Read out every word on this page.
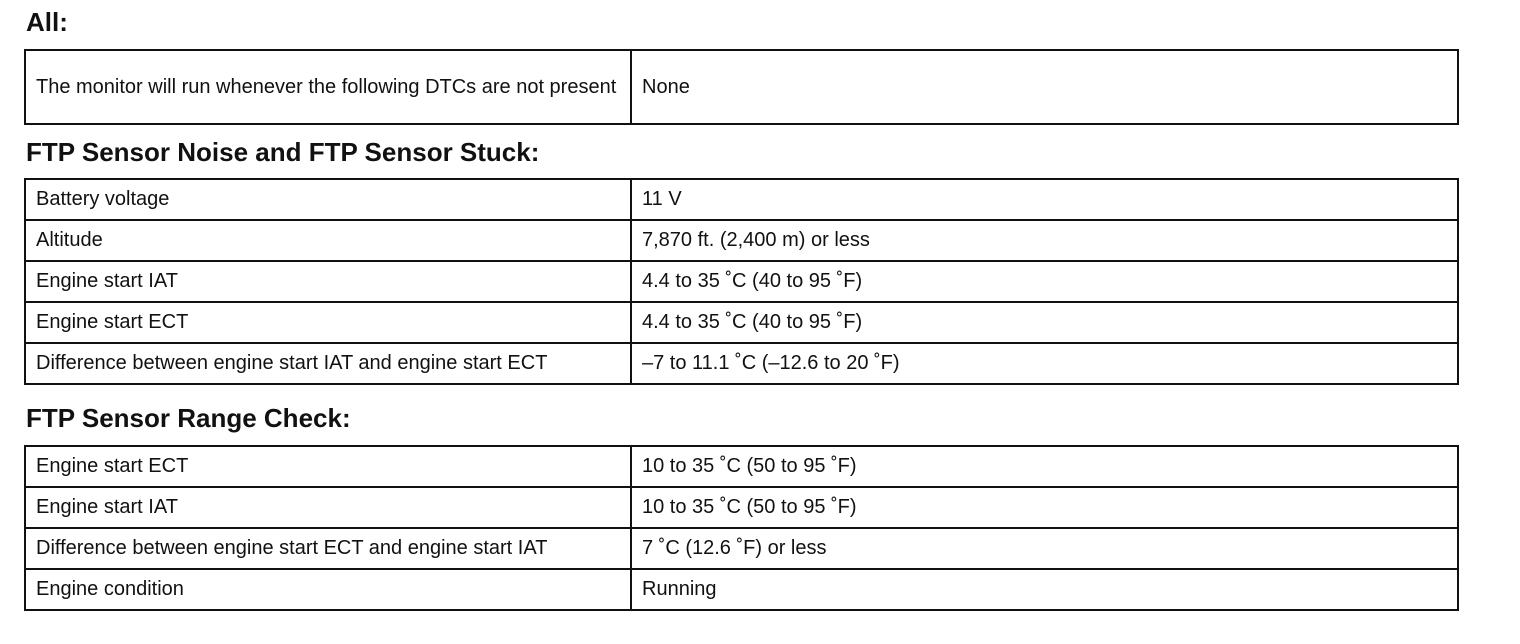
All:
The monitor will run whenever the following DTCs are not present	None
FTP Sensor Noise and FTP Sensor Stuck:
Battery voltage	11 V
Altitude	7,870 ft. (2,400 m) or less
Engine start IAT	4.4 to 35 ˚C (40 to 95 ˚F)
Engine start ECT	4.4 to 35 ˚C (40 to 95 ˚F)
Difference between engine start IAT and engine start ECT	–7 to 11.1 ˚C (–12.6 to 20 ˚F)
FTP Sensor Range Check:
Engine start ECT	10 to 35 ˚C (50 to 95 ˚F)
Engine start IAT	10 to 35 ˚C (50 to 95 ˚F)
Difference between engine start ECT and engine start IAT	7 ˚C (12.6 ˚F) or less
Engine condition	Running
